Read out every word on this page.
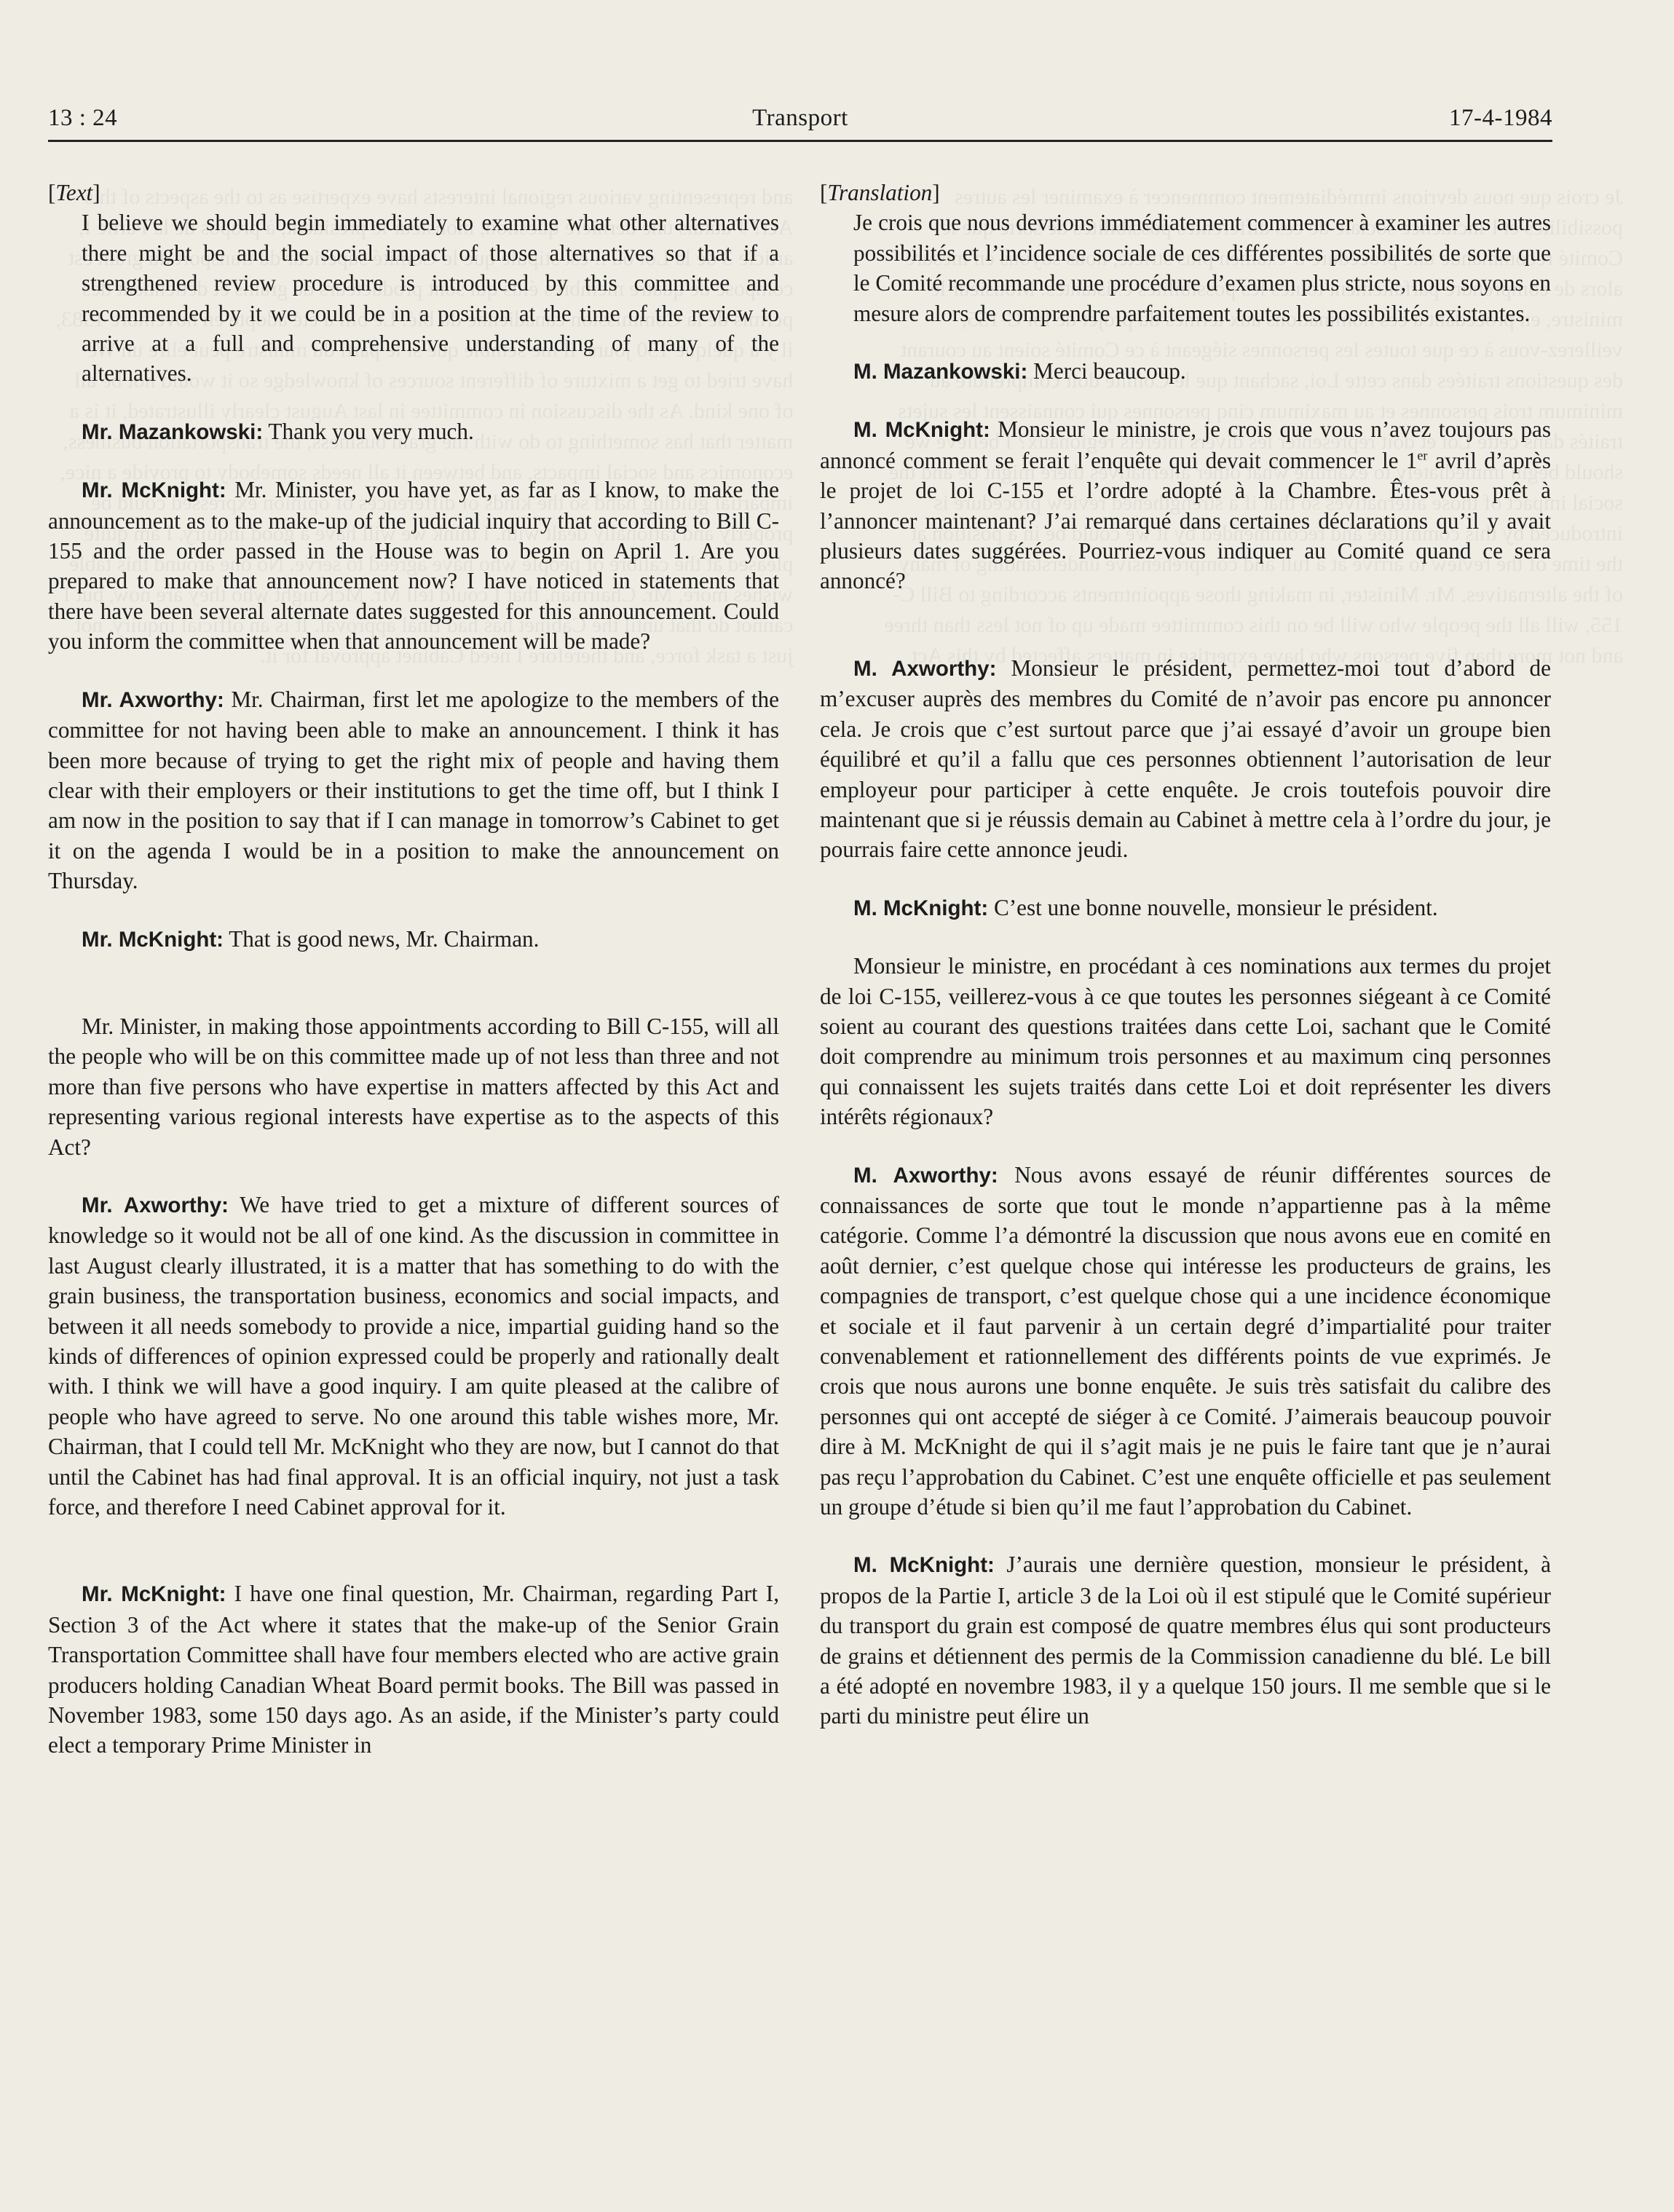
13 : 24	Transport	17-4-1984

[Text]

I believe we should begin immediately to examine what other alternatives there might be and the social impact of those alternatives so that if a strengthened review procedure is introduced by this committee and recommended by it we could be in a position at the time of the review to arrive at a full and comprehensive understanding of many of the alternatives.

Mr. Mazankowski: Thank you very much.

Mr. McKnight: Mr. Minister, you have yet, as far as I know, to make the announcement as to the make-up of the judicial inquiry that according to Bill C-155 and the order passed in the House was to begin on April 1. Are you prepared to make that announcement now? I have noticed in statements that there have been several alternate dates suggested for this announcement. Could you inform the committee when that announcement will be made?

Mr. Axworthy: Mr. Chairman, first let me apologize to the members of the committee for not having been able to make an announcement. I think it has been more because of trying to get the right mix of people and having them clear with their employers or their institutions to get the time off, but I think I am now in the position to say that if I can manage in tomorrow’s Cabinet to get it on the agenda I would be in a position to make the announcement on Thursday.

Mr. McKnight: That is good news, Mr. Chairman.

Mr. Minister, in making those appointments according to Bill C-155, will all the people who will be on this committee made up of not less than three and not more than five persons who have expertise in matters affected by this Act and representing various regional interests have expertise as to the aspects of this Act?

Mr. Axworthy: We have tried to get a mixture of different sources of knowledge so it would not be all of one kind. As the discussion in committee in last August clearly illustrated, it is a matter that has something to do with the grain business, the transportation business, economics and social impacts, and between it all needs somebody to provide a nice, impartial guiding hand so the kinds of differences of opinion expressed could be properly and rationally dealt with. I think we will have a good inquiry. I am quite pleased at the calibre of people who have agreed to serve. No one around this table wishes more, Mr. Chairman, that I could tell Mr. McKnight who they are now, but I cannot do that until the Cabinet has had final approval. It is an official inquiry, not just a task force, and therefore I need Cabinet approval for it.

Mr. McKnight: I have one final question, Mr. Chairman, regarding Part I, Section 3 of the Act where it states that the make-up of the Senior Grain Transportation Committee shall have four members elected who are active grain producers holding Canadian Wheat Board permit books. The Bill was passed in November 1983, some 150 days ago. As an aside, if the Minister’s party could elect a temporary Prime Minister in

[Translation]

Je crois que nous devrions immédiatement commencer à examiner les autres possibilités et l’incidence sociale de ces différentes possibilités de sorte que le Comité recommande une procédure d’examen plus stricte, nous soyons en mesure alors de comprendre parfaitement toutes les possibilités existantes.

M. Mazankowski: Merci beaucoup.

M. McKnight: Monsieur le ministre, je crois que vous n’avez toujours pas annoncé comment se ferait l’enquête qui devait commencer le 1er avril d’après le projet de loi C-155 et l’ordre adopté à la Chambre. Êtes-vous prêt à l’annoncer maintenant? J’ai remarqué dans certaines déclarations qu’il y avait plusieurs dates suggérées. Pourriez-vous indiquer au Comité quand ce sera annoncé?

M. Axworthy: Monsieur le président, permettez-moi tout d’abord de m’excuser auprès des membres du Comité de n’avoir pas encore pu annoncer cela. Je crois que c’est surtout parce que j’ai essayé d’avoir un groupe bien équilibré et qu’il a fallu que ces personnes obtiennent l’autorisation de leur employeur pour participer à cette enquête. Je crois toutefois pouvoir dire maintenant que si je réussis demain au Cabinet à mettre cela à l’ordre du jour, je pourrais faire cette annonce jeudi.

M. McKnight: C’est une bonne nouvelle, monsieur le président.

Monsieur le ministre, en procédant à ces nominations aux termes du projet de loi C-155, veillerez-vous à ce que toutes les personnes siégeant à ce Comité soient au courant des questions traitées dans cette Loi, sachant que le Comité doit comprendre au minimum trois personnes et au maximum cinq personnes qui connaissent les sujets traités dans cette Loi et doit représenter les divers intérêts régionaux?

M. Axworthy: Nous avons essayé de réunir différentes sources de connaissances de sorte que tout le monde n’appartienne pas à la même catégorie. Comme l’a démontré la discussion que nous avons eue en comité en août dernier, c’est quelque chose qui intéresse les producteurs de grains, les compagnies de transport, c’est quelque chose qui a une incidence économique et sociale et il faut parvenir à un certain degré d’impartialité pour traiter convenablement et rationnellement des différents points de vue exprimés. Je crois que nous aurons une bonne enquête. Je suis très satisfait du calibre des personnes qui ont accepté de siéger à ce Comité. J’aimerais beaucoup pouvoir dire à M. McKnight de qui il s’agit mais je ne puis le faire tant que je n’aurai pas reçu l’approbation du Cabinet. C’est une enquête officielle et pas seulement un groupe d’étude si bien qu’il me faut l’approbation du Cabinet.

M. McKnight: J’aurais une dernière question, monsieur le président, à propos de la Partie I, article 3 de la Loi où il est stipulé que le Comité supérieur du transport du grain est composé de quatre membres élus qui sont producteurs de grains et détiennent des permis de la Commission canadienne du blé. Le bill a été adopté en novembre 1983, il y a quelque 150 jours. Il me semble que si le parti du ministre peut élire un
